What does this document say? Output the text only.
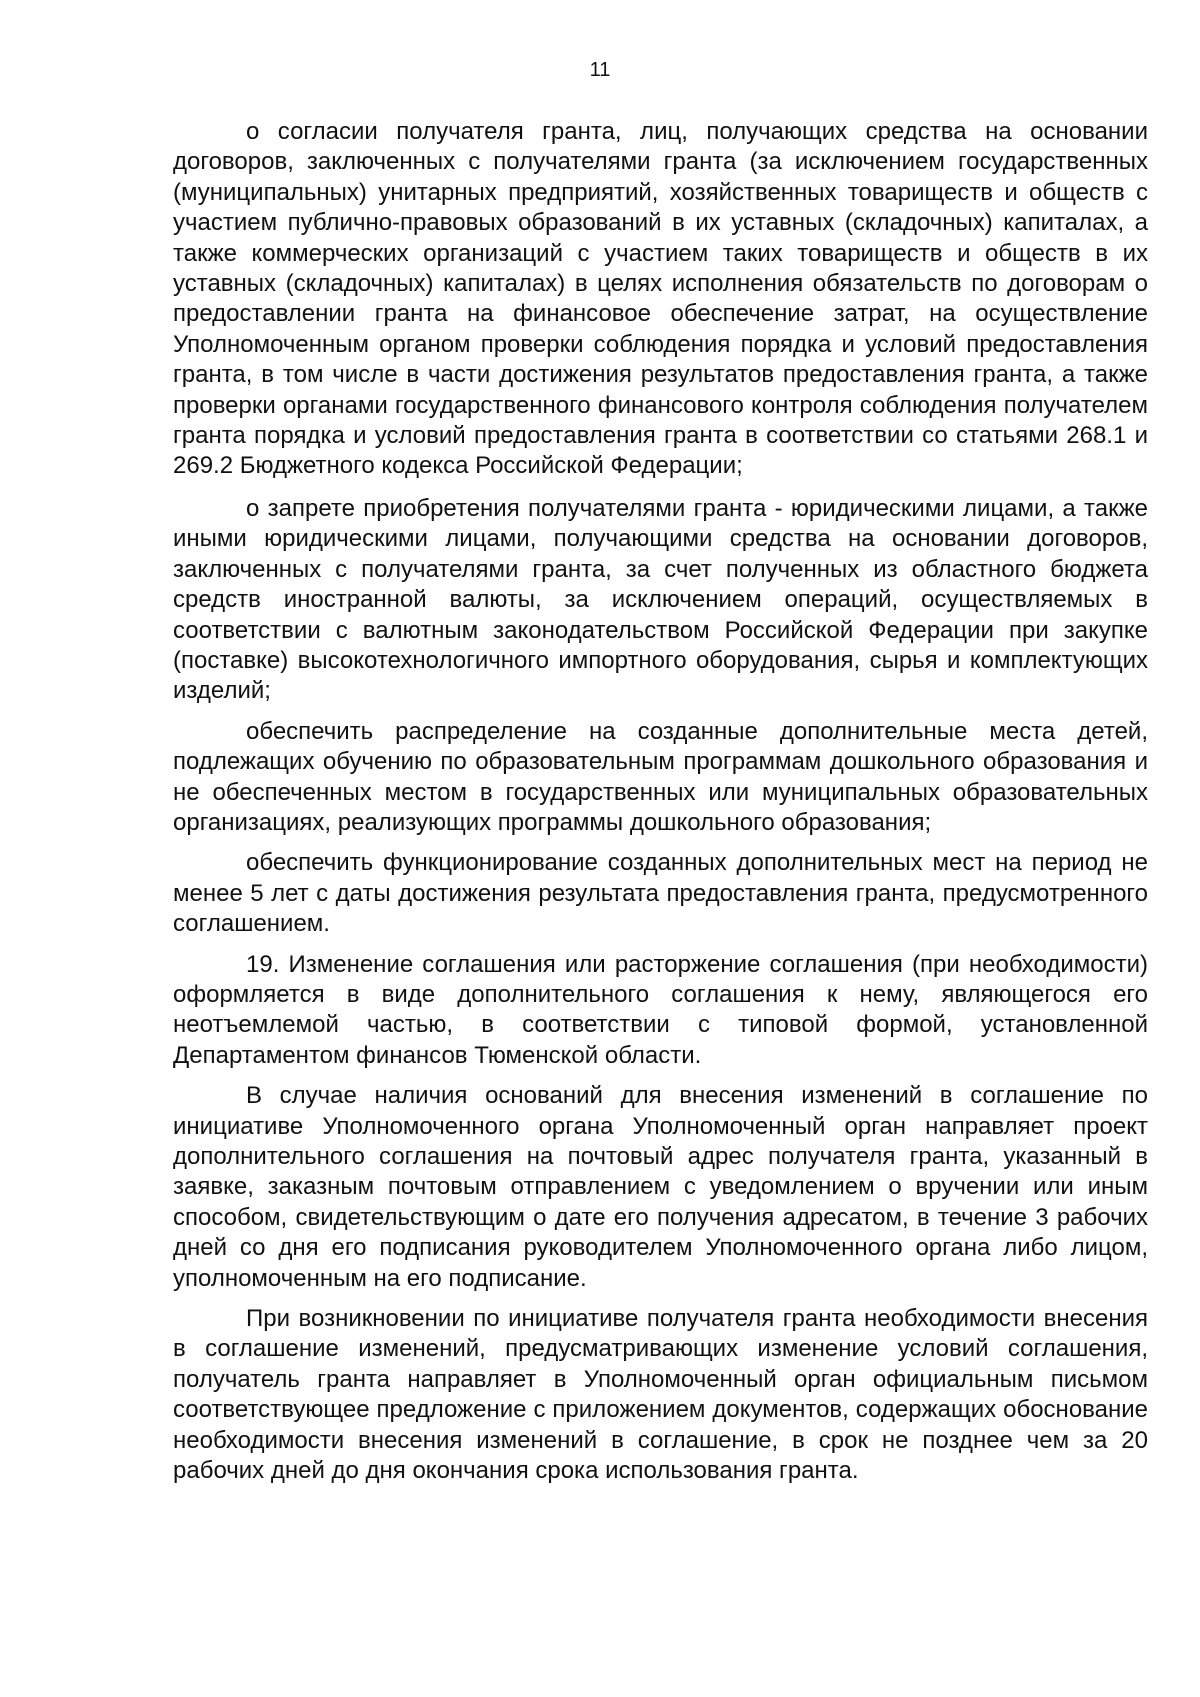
11

о согласии получателя гранта, лиц, получающих средства на основании договоров, заключенных с получателями гранта (за исключением государственных (муниципальных) унитарных предприятий, хозяйственных товариществ и обществ с участием публично-правовых образований в их уставных (складочных) капиталах, а также коммерческих организаций с участием таких товариществ и обществ в их уставных (складочных) капиталах) в целях исполнения обязательств по договорам о предоставлении гранта на финансовое обеспечение затрат, на осуществление Уполномоченным органом проверки соблюдения порядка и условий предоставления гранта, в том числе в части достижения результатов предоставления гранта, а также проверки органами государственного финансового контроля соблюдения получателем гранта порядка и условий предоставления гранта в соответствии со статьями 268.1 и 269.2 Бюджетного кодекса Российской Федерации;

о запрете приобретения получателями гранта - юридическими лицами, а также иными юридическими лицами, получающими средства на основании договоров, заключенных с получателями гранта, за счет полученных из областного бюджета средств иностранной валюты, за исключением операций, осуществляемых в соответствии с валютным законодательством Российской Федерации при закупке (поставке) высокотехнологичного импортного оборудования, сырья и комплектующих изделий;

обеспечить распределение на созданные дополнительные места детей, подлежащих обучению по образовательным программам дошкольного образования и не обеспеченных местом в государственных или муниципальных образовательных организациях, реализующих программы дошкольного образования;

обеспечить функционирование созданных дополнительных мест на период не менее 5 лет с даты достижения результата предоставления гранта, предусмотренного соглашением.

19. Изменение соглашения или расторжение соглашения (при необходимости) оформляется в виде дополнительного соглашения к нему, являющегося его неотъемлемой частью, в соответствии с типовой формой, установленной Департаментом финансов Тюменской области.

В случае наличия оснований для внесения изменений в соглашение по инициативе Уполномоченного органа Уполномоченный орган направляет проект дополнительного соглашения на почтовый адрес получателя гранта, указанный в заявке, заказным почтовым отправлением с уведомлением о вручении или иным способом, свидетельствующим о дате его получения адресатом, в течение 3 рабочих дней со дня его подписания руководителем Уполномоченного органа либо лицом, уполномоченным на его подписание.

При возникновении по инициативе получателя гранта необходимости внесения в соглашение изменений, предусматривающих изменение условий соглашения, получатель гранта направляет в Уполномоченный орган официальным письмом соответствующее предложение с приложением документов, содержащих обоснование необходимости внесения изменений в соглашение, в срок не позднее чем за 20 рабочих дней до дня окончания срока использования гранта.
